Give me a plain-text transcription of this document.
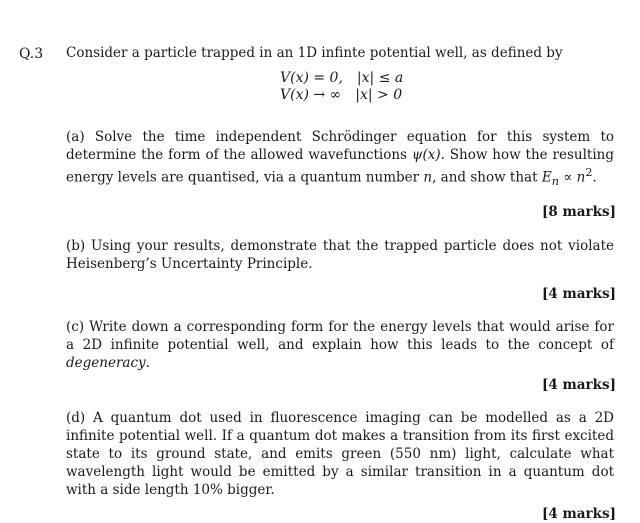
Q.3 Consider a particle trapped in an 1D infinte potential well, as defined by

V(x) = 0, |x| ≤ a
V(x) → ∞ |x| > 0

(a) Solve the time independent Schrödinger equation for this system to determine the form of the allowed wavefunctions ψ(x). Show how the resulting energy levels are quantised, via a quantum number n, and show that $E_n \propto n^2$.

[8 marks]

(b) Using your results, demonstrate that the trapped particle does not violate Heisenberg’s Uncertainty Principle.

[4 marks]

(c) Write down a corresponding form for the energy levels that would arise for a 2D infinite potential well, and explain how this leads to the concept of degeneracy.

[4 marks]

(d) A quantum dot used in fluorescence imaging can be modelled as a 2D infinite potential well. If a quantum dot makes a transition from its first excited state to its ground state, and emits green (550 nm) light, calculate what wavelength light would be emitted by a similar transition in a quantum dot with a side length 10% bigger.

[4 marks]
